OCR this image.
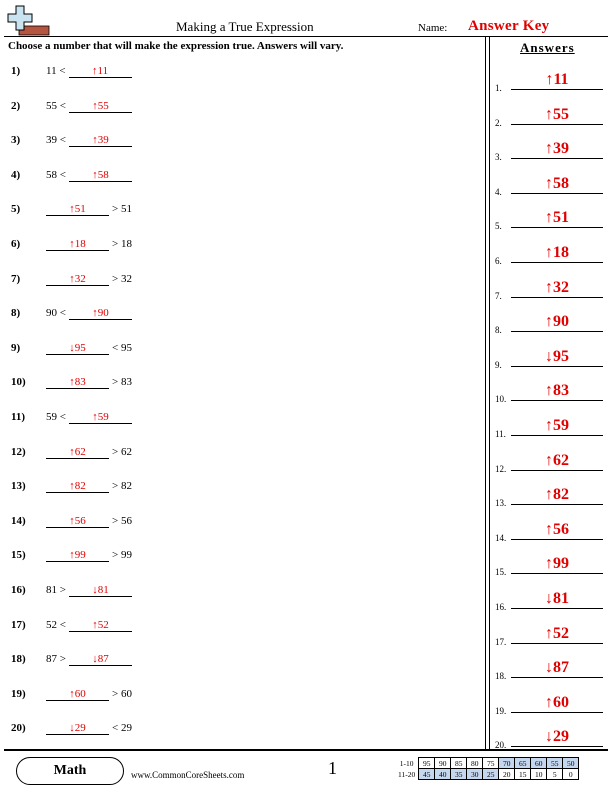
Making a True Expression	Name: Answer Key
Choose a number that will make the expression true. Answers will vary.
1)	11 < ↑11
2)	55 < ↑55
3)	39 < ↑39
4)	58 < ↑58
5)	↑51 > 51
6)	↑18 > 18
7)	↑32 > 32
8)	90 < ↑90
9)	↓95 < 95
10)	↑83 > 83
11)	59 < ↑59
12)	↑62 > 62
13)	↑82 > 82
14)	↑56 > 56
15)	↑99 > 99
16)	81 > ↓81
17)	52 < ↑52
18)	87 > ↓87
19)	↑60 > 60
20)	↓29 < 29
Answers
1.	↑11
2.	↑55
3.	↑39
4.	↑58
5.	↑51
6.	↑18
7.	↑32
8.	↑90
9.	↓95
10.	↑83
11.	↑59
12.	↑62
13.	↑82
14.	↑56
15.	↑99
16.	↓81
17.	↑52
18.	↓87
19.	↑60
20.	↓29
Math	www.CommonCoreSheets.com	1	1-10	95	90	85	80	75	70	65	60	55	50
11-20	45	40	35	30	25	20	15	10	5	0
